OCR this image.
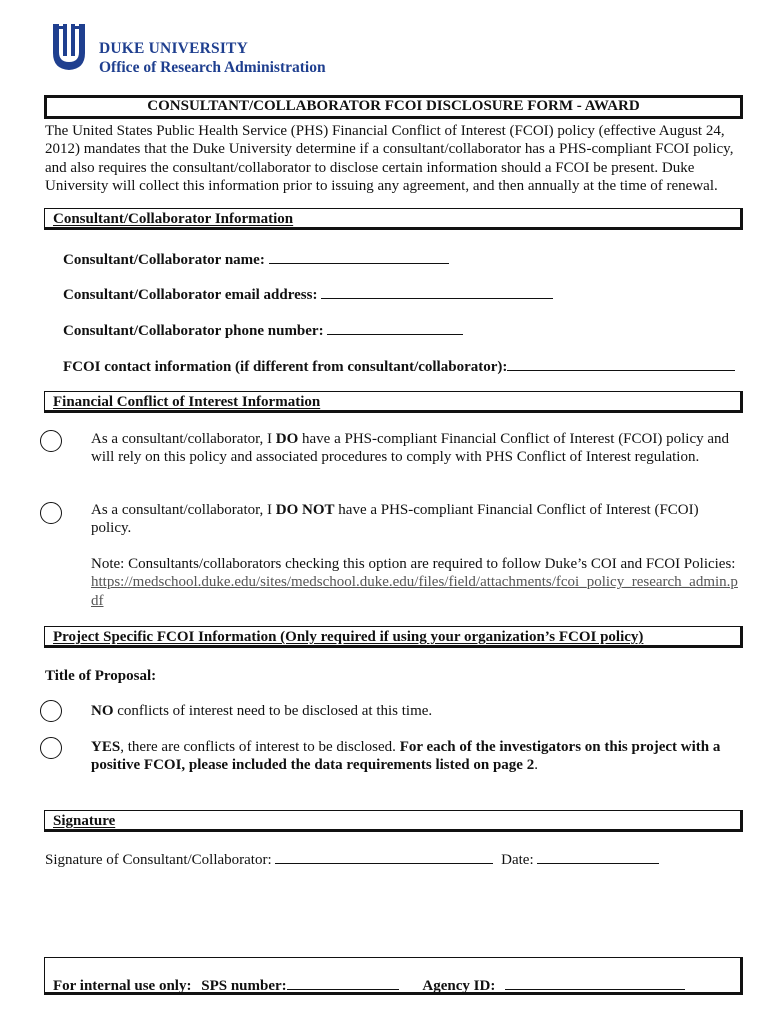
DUKE UNIVERSITY
Office of Research Administration
CONSULTANT/COLLABORATOR FCOI DISCLOSURE FORM - AWARD
The United States Public Health Service (PHS) Financial Conflict of Interest (FCOI) policy (effective August 24,
2012) mandates that the Duke University determine if a consultant/collaborator has a PHS-compliant FCOI policy,
and also requires the consultant/collaborator to disclose certain information should a FCOI be present. Duke
University will collect this information prior to issuing any agreement, and then annually at the time of renewal.
Consultant/Collaborator Information
Consultant/Collaborator name:
Consultant/Collaborator email address:
Consultant/Collaborator phone number:
FCOI contact information (if different from consultant/collaborator):
Financial Conflict of Interest Information
As a consultant/collaborator, I DO have a PHS-compliant Financial Conflict of Interest (FCOI) policy and
will rely on this policy and associated procedures to comply with PHS Conflict of Interest regulation.
As a consultant/collaborator, I DO NOT have a PHS-compliant Financial Conflict of Interest (FCOI)
policy.
Note: Consultants/collaborators checking this option are required to follow Duke’s COI and FCOI Policies:
https://medschool.duke.edu/sites/medschool.duke.edu/files/field/attachments/fcoi_policy_research_admin.p
df
Project Specific FCOI Information (Only required if using your organization’s FCOI policy)
Title of Proposal:
NO conflicts of interest need to be disclosed at this time.
YES, there are conflicts of interest to be disclosed. For each of the investigators on this project with a
positive FCOI, please included the data requirements listed on page 2.
Signature
Signature of Consultant/Collaborator:	Date:
For internal use only: SPS number:	Agency ID:
